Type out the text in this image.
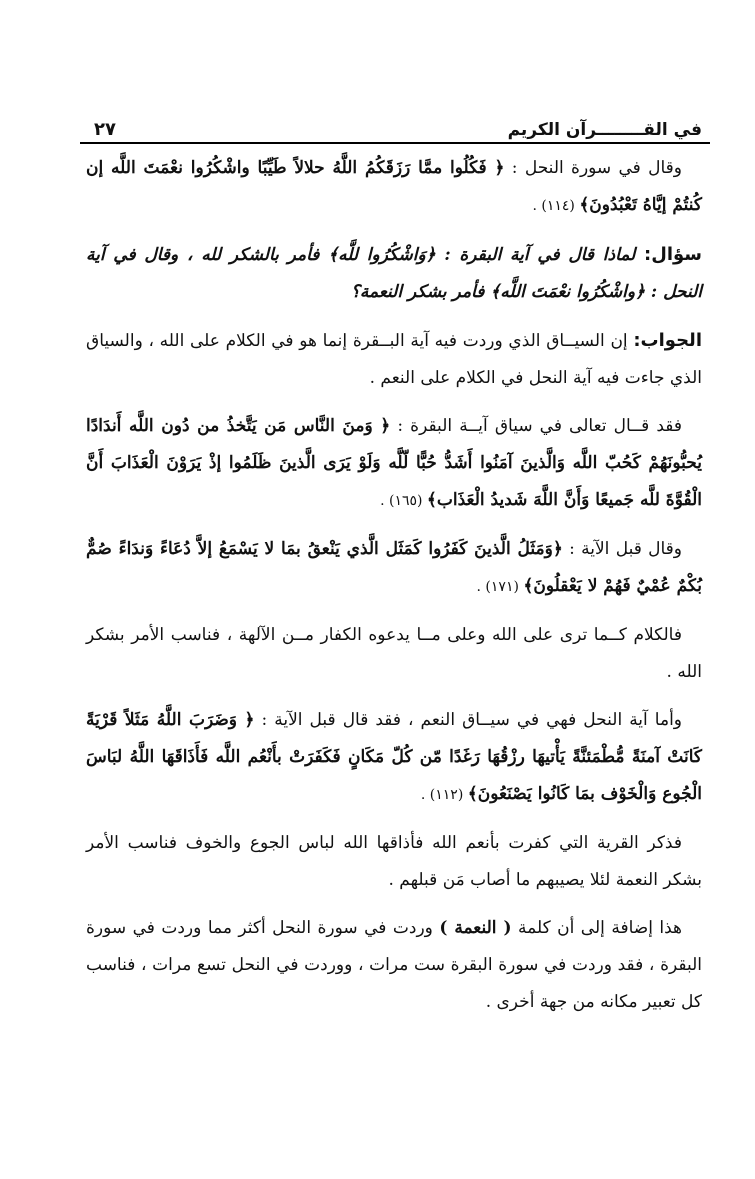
في القــــــــرآن الكريم
٢٧

وقال في سورة النحل : ﴿ فَكُلُوا ممَّا رَزَقَكُمُ اللَّهُ حلالاً طَيِّبًا واشْكُرُوا نعْمَتَ اللَّه إن كُنتُمْ إيَّاهُ تَعْبُدُونَ﴾ (١١٤) .

سؤال: لماذا قال في آية البقرة : ﴿وَاشْكُرُوا للَّه﴾ فأمر بالشكر لله ، وقال في آية النحل : ﴿واشْكُرُوا نعْمَتَ اللَّه﴾ فأمر بشكر النعمة؟

الجواب: إن السيــاق الذي وردت فيه آية البــقرة إنما هو في الكلام على الله ، والسياق الذي جاءت فيه آية النحل في الكلام على النعم .

فقد قــال تعالى في سياق آيــة البقرة : ﴿ وَمنَ النَّاس مَن يَتَّخذُ من دُون اللَّه أَندَادًا يُحبُّونَهُمْ كَحُبّ اللَّه وَالَّذينَ آمَنُوا أَشَدُّ حُبًّا لّلَّه وَلَوْ يَرَى الَّذينَ ظَلَمُوا إذْ يَرَوْنَ الْعَذَابَ أَنَّ الْقُوَّةَ للَّه جَميعًا وَأَنَّ اللَّهَ شَديدُ الْعَذَاب﴾ (١٦٥) .

وقال قبل الآية : ﴿وَمَثَلُ الَّذينَ كَفَرُوا كَمَثَل الَّذي يَنْعقُ بمَا لا يَسْمَعُ إلاَّ دُعَاءً وَندَاءً صُمٌّ بُكْمٌ عُمْيٌ فَهُمْ لا يَعْقلُونَ﴾ (١٧١) .

فالكلام كــما ترى على الله وعلى مــا يدعوه الكفار مــن الآلهة ، فناسب الأمر بشكر الله .

وأما آية النحل فهي في سيــاق النعم ، فقد قال قبل الآية : ﴿ وَضَرَبَ اللَّهُ مَثَلاً قَرْيَةً كَانَتْ آمنَةً مُّطْمَئنَّةً يَأْتيهَا رزْقُهَا رَغَدًا مّن كُلّ مَكَانٍ فَكَفَرَتْ بأَنْعُم اللَّه فَأَذَاقَهَا اللَّهُ لبَاسَ الْجُوع وَالْخَوْف بمَا كَانُوا يَصْنَعُونَ﴾ (١١٢) .

فذكر القرية التي كفرت بأنعم الله فأذاقها الله لباس الجوع والخوف فناسب الأمر بشكر النعمة لئلا يصيبهم ما أصاب مَن قبلهم .

هذا إضافة إلى أن كلمة ( النعمة ) وردت في سورة النحل أكثر مما وردت في سورة البقرة ، فقد وردت في سورة البقرة ست مرات ، ووردت في النحل تسع مرات ، فناسب كل تعبير مكانه من جهة أخرى .
